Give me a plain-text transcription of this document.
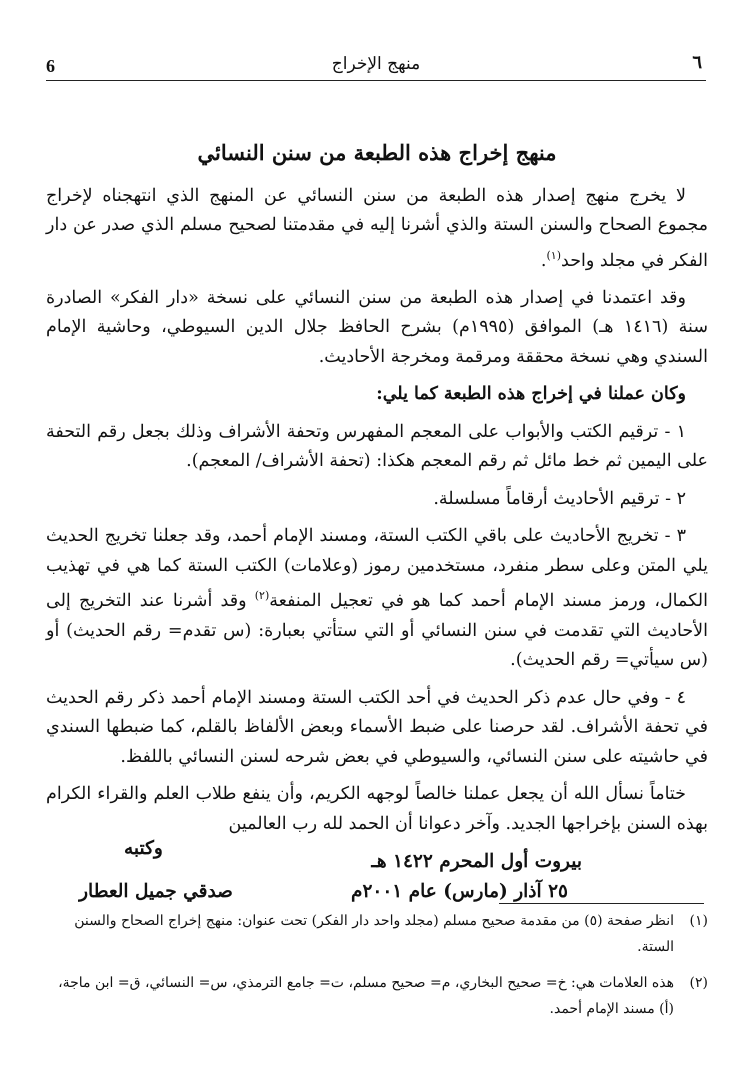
6	منهج الإخراج	٦
منهج إخراج هذه الطبعة من سنن النسائي

لا يخرج منهج إصدار هذه الطبعة من سنن النسائي عن المنهج الذي انتهجناه لإخراج مجموع الصحاح والسنن الستة والذي أشرنا إليه في مقدمتنا لصحيح مسلم الذي صدر عن دار الفكر في مجلد واحد$^{(١)}$.

وقد اعتمدنا في إصدار هذه الطبعة من سنن النسائي على نسخة «دار الفكر» الصادرة سنة (١٤١٦ هـ) الموافق (١٩٩٥م) بشرح الحافظ جلال الدين السيوطي، وحاشية الإمام السندي وهي نسخة محققة ومرقمة ومخرجة الأحاديث.

وكان عملنا في إخراج هذه الطبعة كما يلي:

١ - ترقيم الكتب والأبواب على المعجم المفهرس وتحفة الأشراف وذلك بجعل رقم التحفة على اليمين ثم خط مائل ثم رقم المعجم هكذا: (تحفة الأشراف/ المعجم).

٢ - ترقيم الأحاديث أرقاماً مسلسلة.

٣ - تخريج الأحاديث على باقي الكتب الستة، ومسند الإمام أحمد، وقد جعلنا تخريج الحديث يلي المتن وعلى سطر منفرد، مستخدمين رموز (وعلامات) الكتب الستة كما هي في تهذيب الكمال، ورمز مسند الإمام أحمد كما هو في تعجيل المنفعة$^{(٢)}$ وقد أشرنا عند التخريج إلى الأحاديث التي تقدمت في سنن النسائي أو التي ستأتي بعبارة: (س تقدم= رقم الحديث) أو (س سيأتي= رقم الحديث).

٤ - وفي حال عدم ذكر الحديث في أحد الكتب الستة ومسند الإمام أحمد ذكر رقم الحديث في تحفة الأشراف. لقد حرصنا على ضبط الأسماء وبعض الألفاظ بالقلم، كما ضبطها السندي في حاشيته على سنن النسائي، والسيوطي في بعض شرحه لسنن النسائي باللفظ.

ختاماً نسأل الله أن يجعل عملنا خالصاً لوجهه الكريم، وأن ينفع طلاب العلم والقراء الكرام بهذه السنن بإخراجها الجديد. وآخر دعوانا أن الحمد لله رب العالمين

بيروت أول المحرم ١٤٢٢ هـ
٢٥ آذار (مارس) عام ٢٠٠١م
وكتبه
صدقي جميل العطار
(١)
انظر صفحة (٥) من مقدمة صحيح مسلم (مجلد واحد دار الفكر) تحت عنوان: منهج إخراج الصحاح والسنن الستة.
(٢)
هذه العلامات هي: خ= صحيح البخاري، م= صحيح مسلم، ت= جامع الترمذي، س= النسائي، ق= ابن ماجة، (أ) مسند الإمام أحمد.
